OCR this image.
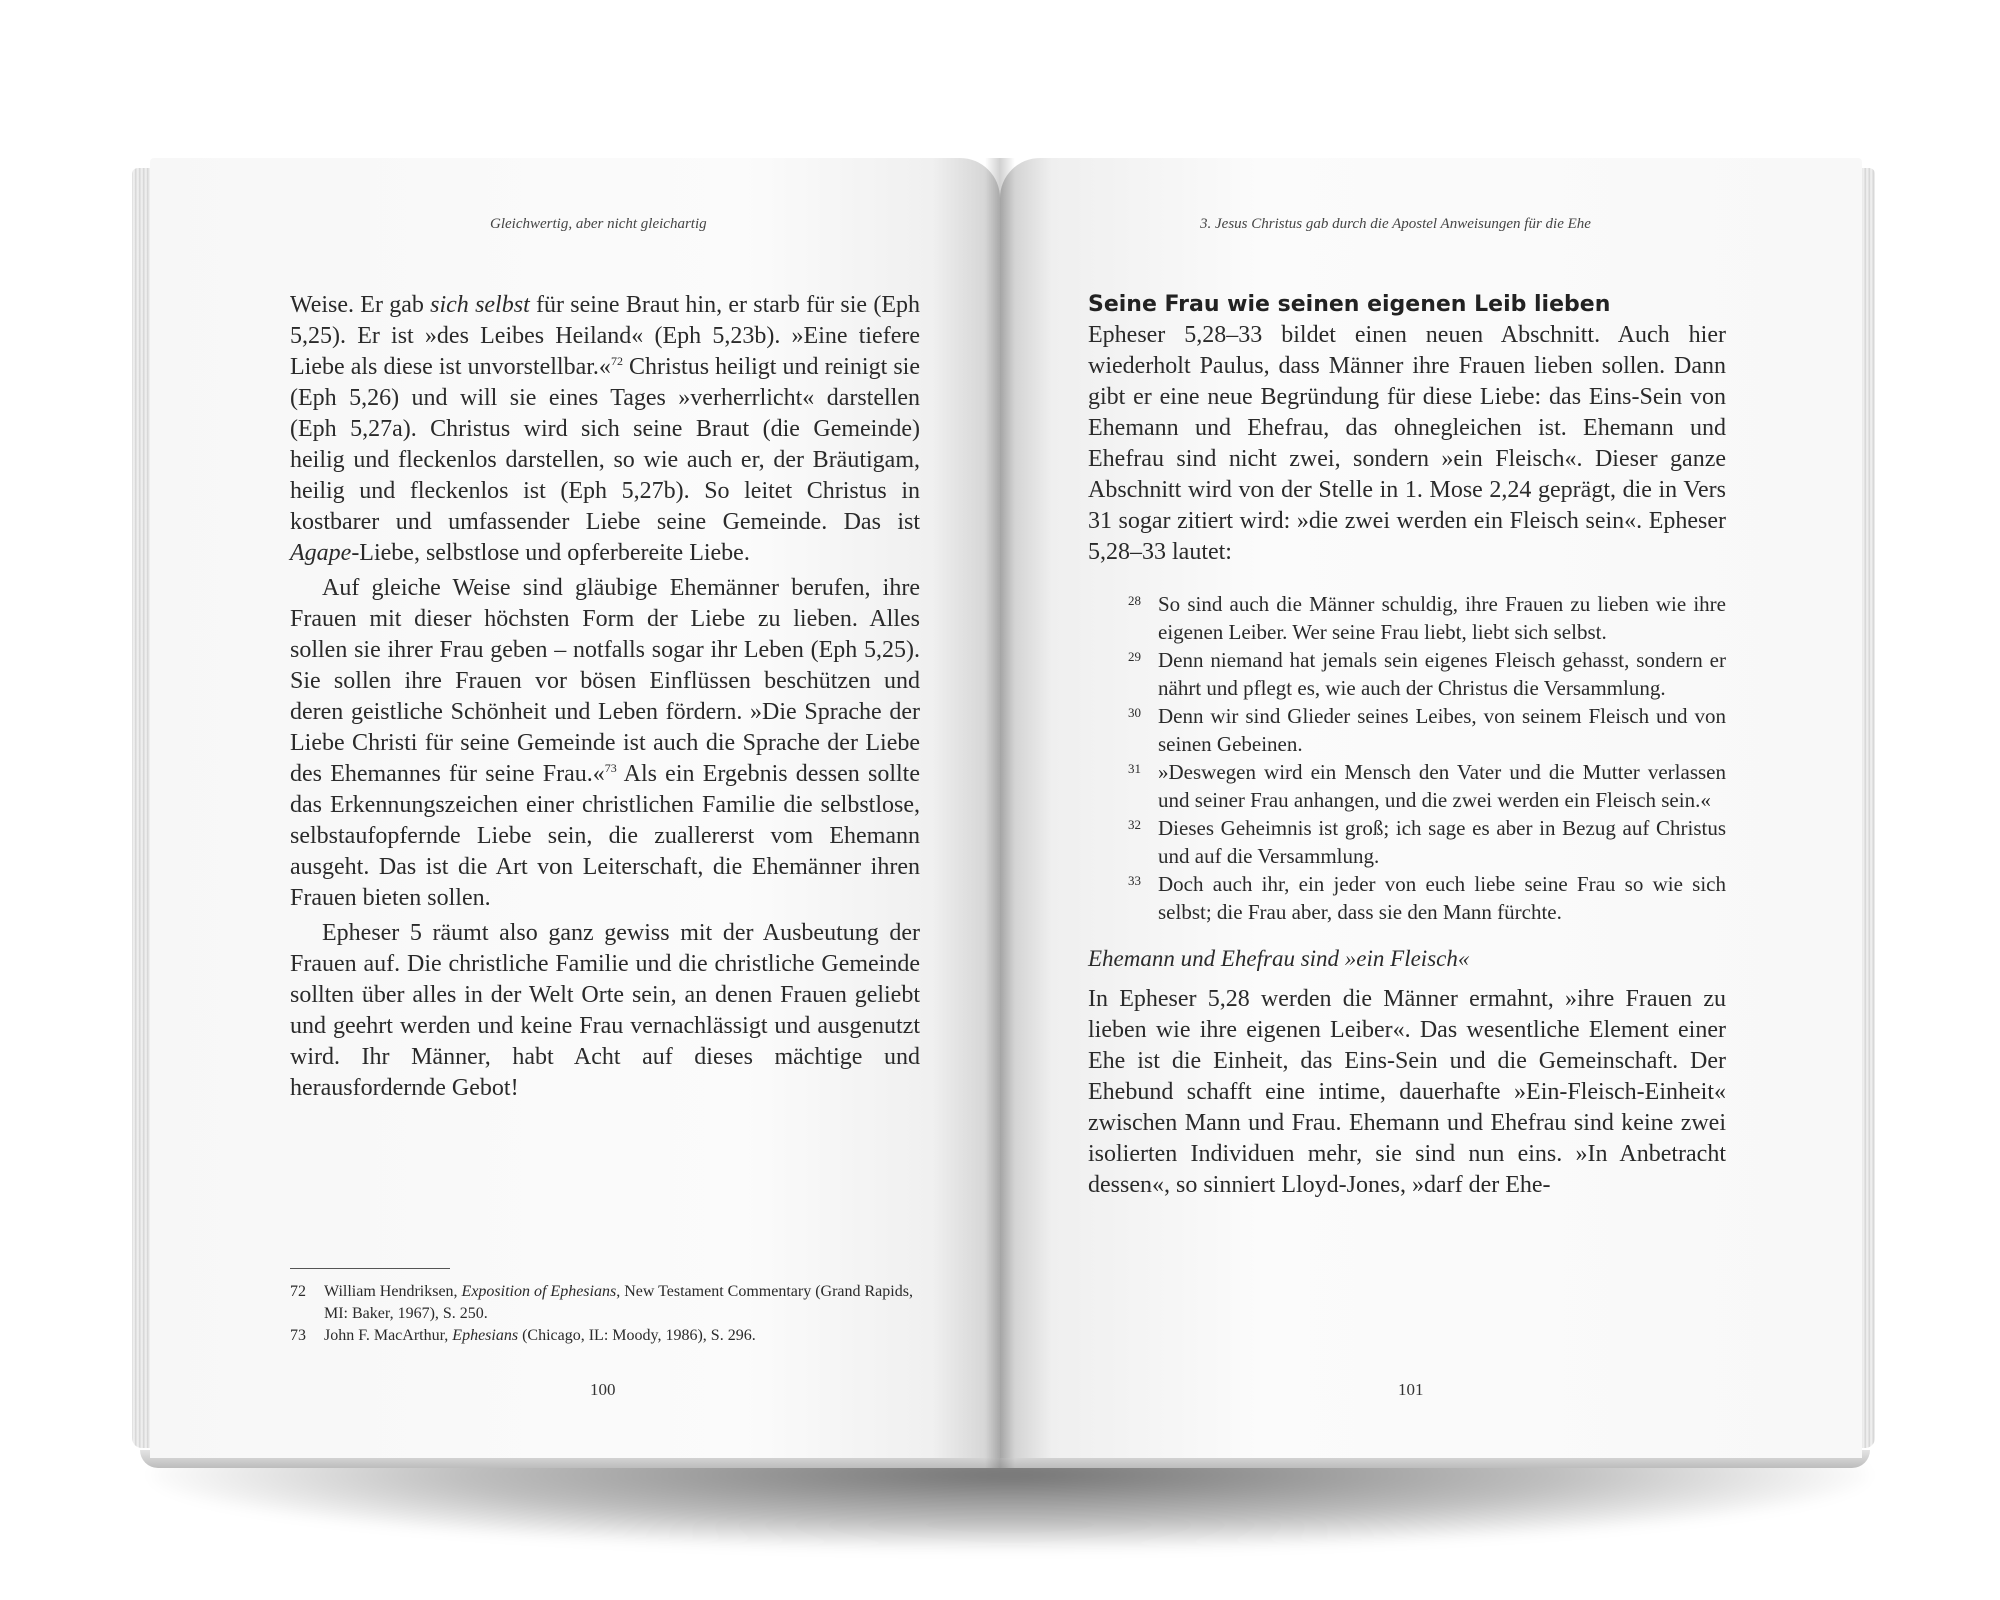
Gleichwertig, aber nicht gleichartig

Weise. Er gab sich selbst für seine Braut hin, er starb für sie (Eph 5,25). Er ist »des Leibes Heiland« (Eph 5,23b). »Eine tiefere Liebe als diese ist unvorstellbar.«$^{72}$ Christus heiligt und reinigt sie (Eph 5,26) und will sie eines Tages »verherrlicht« darstellen (Eph 5,27a). Christus wird sich seine Braut (die Gemeinde) heilig und fleckenlos darstellen, so wie auch er, der Bräutigam, heilig und fleckenlos ist (Eph 5,27b). So leitet Christus in kostbarer und umfassender Liebe seine Gemeinde. Das ist Agape-Liebe, selbstlose und opferbereite Liebe.

Auf gleiche Weise sind gläubige Ehemänner berufen, ihre Frauen mit dieser höchsten Form der Liebe zu lieben. Alles sollen sie ihrer Frau geben – notfalls sogar ihr Leben (Eph 5,25). Sie sollen ihre Frauen vor bösen Einflüssen beschützen und deren geistliche Schönheit und Leben fördern. »Die Sprache der Liebe Christi für seine Gemeinde ist auch die Sprache der Liebe des Ehemannes für seine Frau.«$^{73}$ Als ein Ergebnis dessen sollte das Erkennungszeichen einer christlichen Familie die selbstlose, selbstaufopfernde Liebe sein, die zuallererst vom Ehemann ausgeht. Das ist die Art von Leiterschaft, die Ehemänner ihren Frauen bieten sollen.

Epheser 5 räumt also ganz gewiss mit der Ausbeutung der Frauen auf. Die christliche Familie und die christliche Gemeinde sollten über alles in der Welt Orte sein, an denen Frauen geliebt und geehrt werden und keine Frau vernachlässigt und ausgenutzt wird. Ihr Männer, habt Acht auf dieses mächtige und herausfordernde Gebot!

72 William Hendriksen, Exposition of Ephesians, New Testament Commentary (Grand Rapids, MI: Baker, 1967), S. 250.
73 John F. MacArthur, Ephesians (Chicago, IL: Moody, 1986), S. 296.
100
3. Jesus Christus gab durch die Apostel Anweisungen für die Ehe

Seine Frau wie seinen eigenen Leib lieben

Epheser 5,28–33 bildet einen neuen Abschnitt. Auch hier wiederholt Paulus, dass Männer ihre Frauen lieben sollen. Dann gibt er eine neue Begründung für diese Liebe: das Eins-Sein von Ehemann und Ehefrau, das ohnegleichen ist. Ehemann und Ehefrau sind nicht zwei, sondern »ein Fleisch«. Dieser ganze Abschnitt wird von der Stelle in 1. Mose 2,24 geprägt, die in Vers 31 sogar zitiert wird: »die zwei werden ein Fleisch sein«. Epheser 5,28–33 lautet:

28 So sind auch die Männer schuldig, ihre Frauen zu lieben wie ihre eigenen Leiber. Wer seine Frau liebt, liebt sich selbst.
29 Denn niemand hat jemals sein eigenes Fleisch gehasst, sondern er nährt und pflegt es, wie auch der Christus die Versammlung.
30 Denn wir sind Glieder seines Leibes, von seinem Fleisch und von seinen Gebeinen.
31 »Deswegen wird ein Mensch den Vater und die Mutter verlassen und seiner Frau anhangen, und die zwei werden ein Fleisch sein.«
32 Dieses Geheimnis ist groß; ich sage es aber in Bezug auf Christus und auf die Versammlung.
33 Doch auch ihr, ein jeder von euch liebe seine Frau so wie sich selbst; die Frau aber, dass sie den Mann fürchte.

Ehemann und Ehefrau sind »ein Fleisch«

In Epheser 5,28 werden die Männer ermahnt, »ihre Frauen zu lieben wie ihre eigenen Leiber«. Das wesentliche Element einer Ehe ist die Einheit, das Eins-Sein und die Gemeinschaft. Der Ehebund schafft eine intime, dauerhafte »Ein-Fleisch-Einheit« zwischen Mann und Frau. Ehemann und Ehefrau sind keine zwei isolierten Individuen mehr, sie sind nun eins. »In Anbetracht dessen«, so sinniert Lloyd-Jones, »darf der Ehe-

101
